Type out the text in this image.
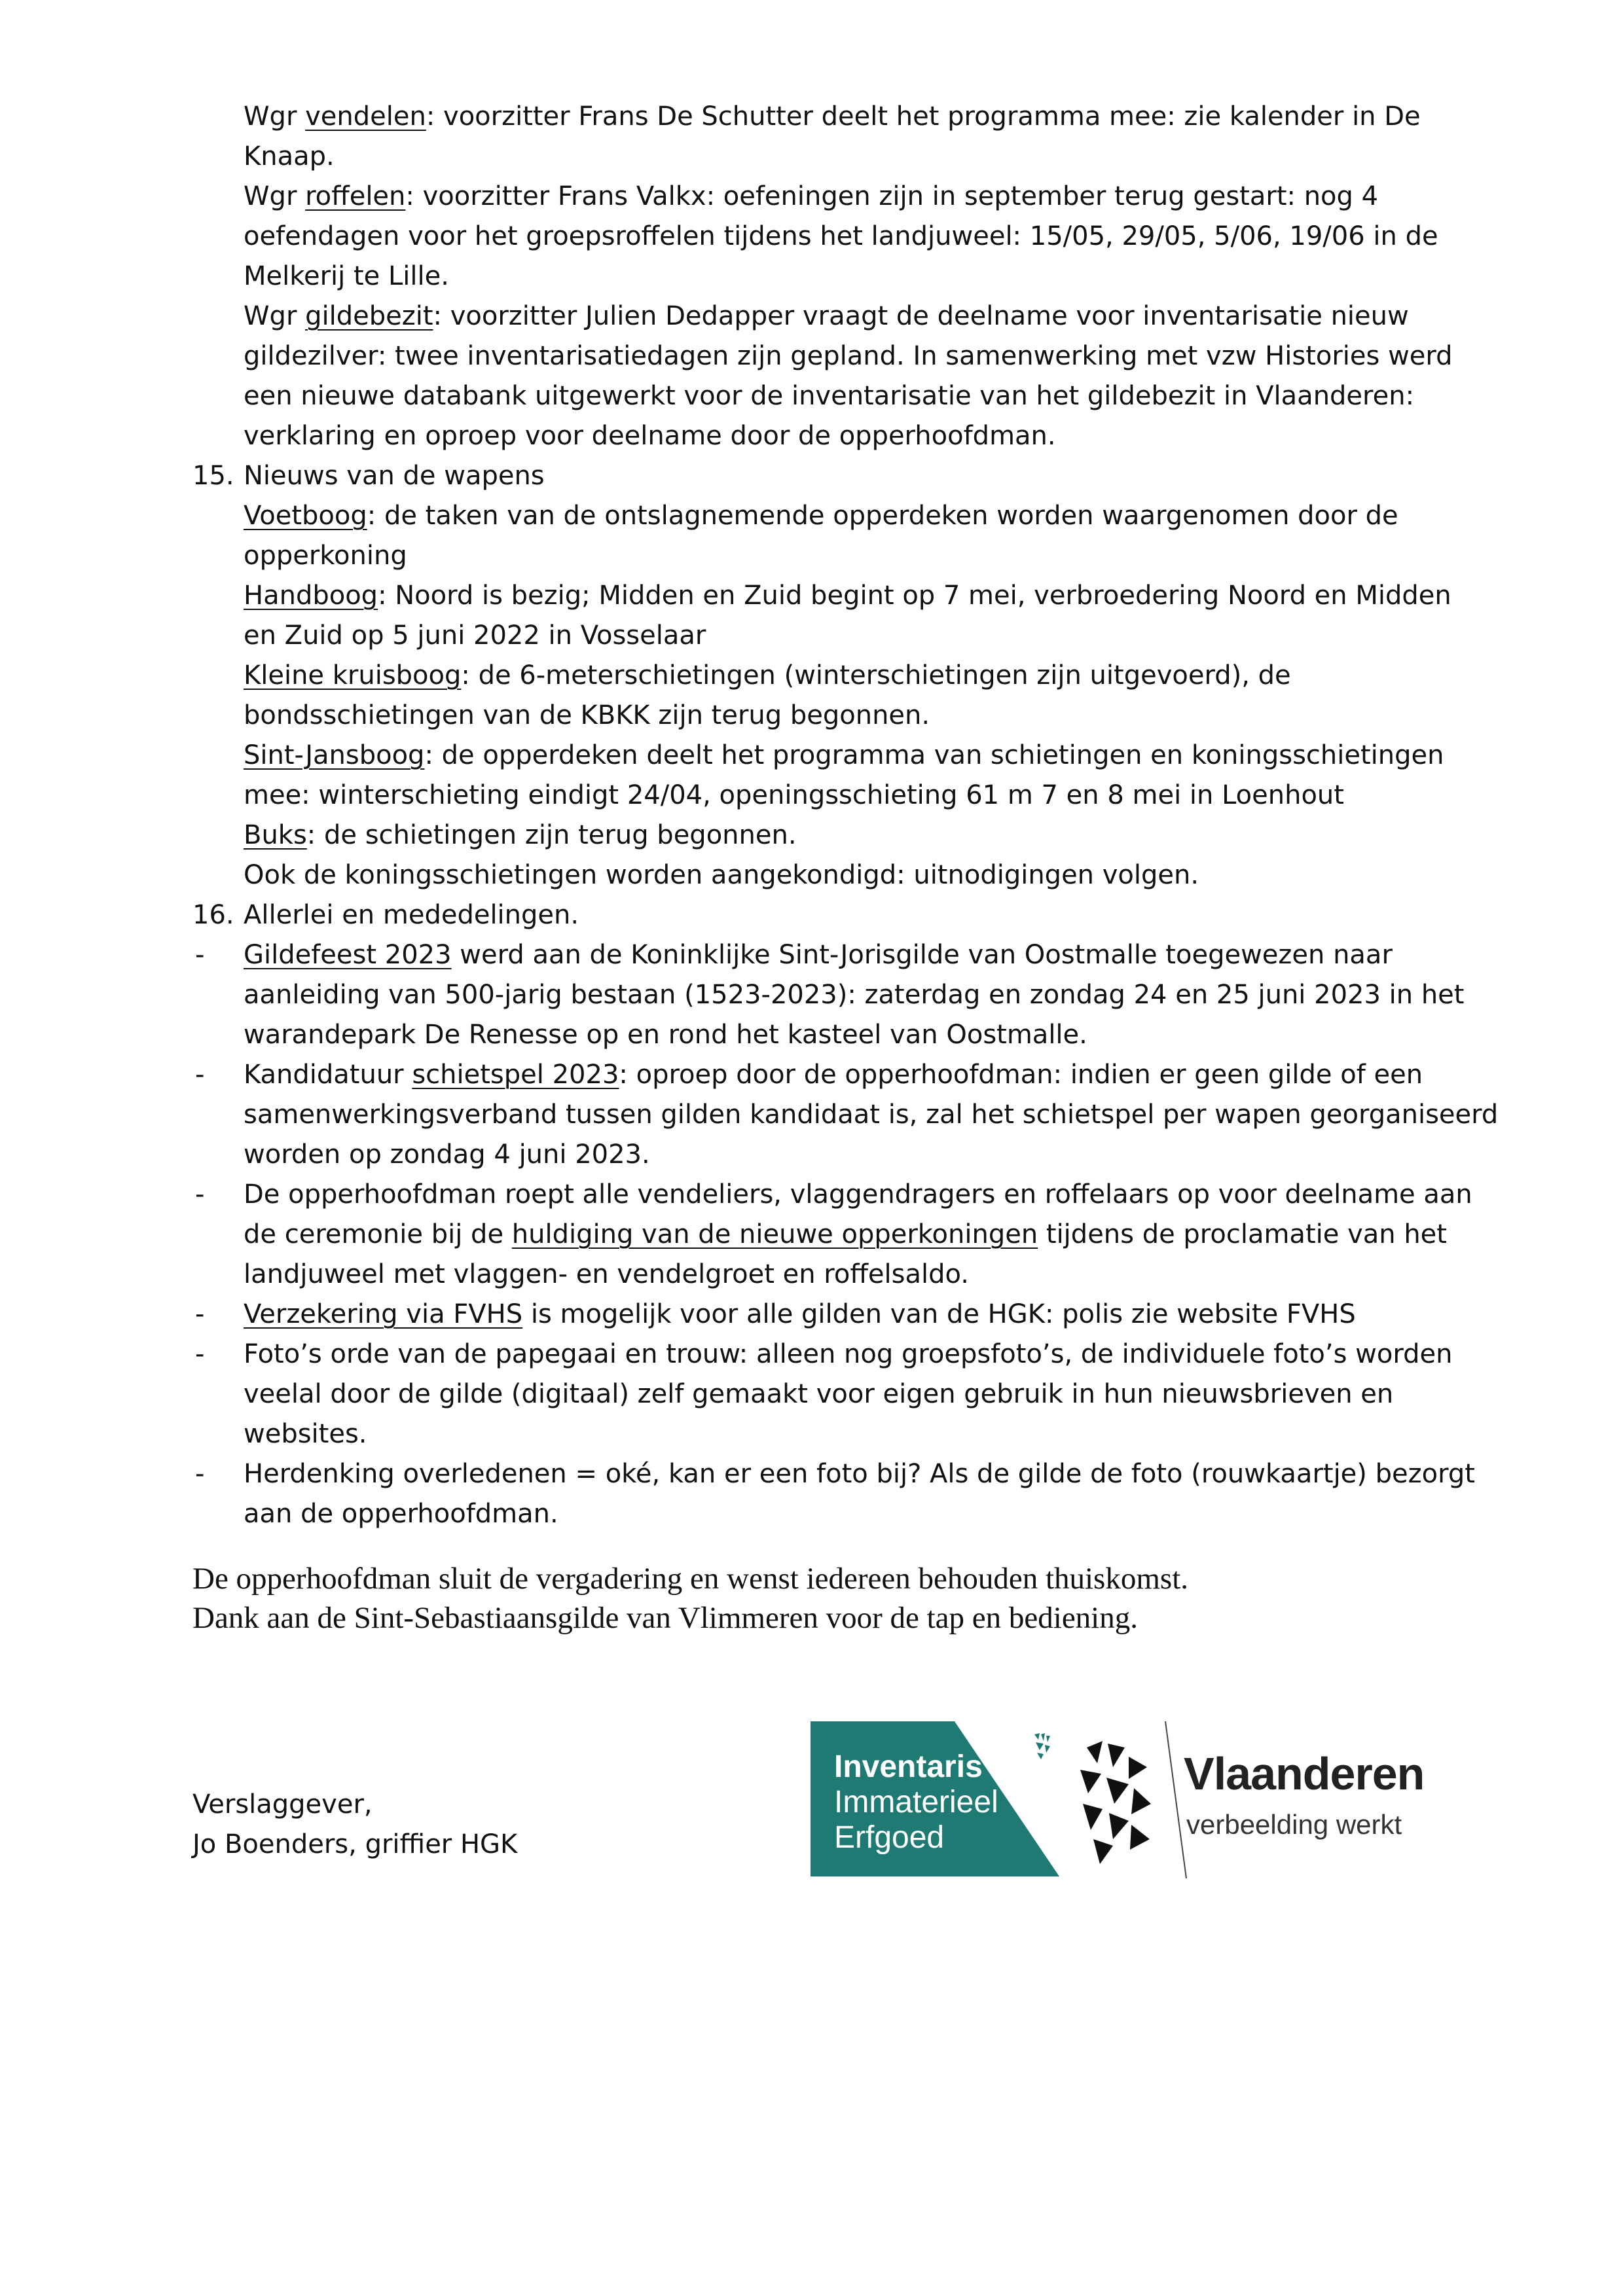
Wgr vendelen: voorzitter Frans De Schutter deelt het programma mee: zie kalender in De
Knaap.
Wgr roffelen: voorzitter Frans Valkx: oefeningen zijn in september terug gestart: nog 4
oefendagen voor het groepsroffelen tijdens het landjuweel: 15/05, 29/05, 5/06, 19/06 in de
Melkerij te Lille.
Wgr gildebezit: voorzitter Julien Dedapper vraagt de deelname voor inventarisatie nieuw
gildezilver: twee inventarisatiedagen zijn gepland. In samenwerking met vzw Histories werd
een nieuwe databank uitgewerkt voor de inventarisatie van het gildebezit in Vlaanderen:
verklaring en oproep voor deelname door de opperhoofdman.
15. Nieuws van de wapens
Voetboog: de taken van de ontslagnemende opperdeken worden waargenomen door de
opperkoning
Handboog: Noord is bezig; Midden en Zuid begint op 7 mei, verbroedering Noord en Midden
en Zuid op 5 juni 2022 in Vosselaar
Kleine kruisboog: de 6-meterschietingen (winterschietingen zijn uitgevoerd), de
bondsschietingen van de KBKK zijn terug begonnen.
Sint-Jansboog: de opperdeken deelt het programma van schietingen en koningsschietingen
mee: winterschieting eindigt 24/04, openingsschieting 61 m 7 en 8 mei in Loenhout
Buks: de schietingen zijn terug begonnen.
Ook de koningsschietingen worden aangekondigd: uitnodigingen volgen.
16. Allerlei en mededelingen.
- Gildefeest 2023 werd aan de Koninklijke Sint-Jorisgilde van Oostmalle toegewezen naar
aanleiding van 500-jarig bestaan (1523-2023): zaterdag en zondag 24 en 25 juni 2023 in het
warandepark De Renesse op en rond het kasteel van Oostmalle.
- Kandidatuur schietspel 2023: oproep door de opperhoofdman: indien er geen gilde of een
samenwerkingsverband tussen gilden kandidaat is, zal het schietspel per wapen georganiseerd
worden op zondag 4 juni 2023.
- De opperhoofdman roept alle vendeliers, vlaggendragers en roffelaars op voor deelname aan
de ceremonie bij de huldiging van de nieuwe opperkoningen tijdens de proclamatie van het
landjuweel met vlaggen- en vendelgroet en roffelsaldo.
- Verzekering via FVHS is mogelijk voor alle gilden van de HGK: polis zie website FVHS
- Foto’s orde van de papegaai en trouw: alleen nog groepsfoto’s, de individuele foto’s worden
veelal door de gilde (digitaal) zelf gemaakt voor eigen gebruik in hun nieuwsbrieven en
websites.
- Herdenking overledenen = oké, kan er een foto bij? Als de gilde de foto (rouwkaartje) bezorgt
aan de opperhoofdman.
De opperhoofdman sluit de vergadering en wenst iedereen behouden thuiskomst.
Dank aan de Sint-Sebastiaansgilde van Vlimmeren voor de tap en bediening.
Verslaggever,
Jo Boenders, griffier HGK
Inventaris
Immaterieel
Erfgoed
Vlaanderen
verbeelding werkt
